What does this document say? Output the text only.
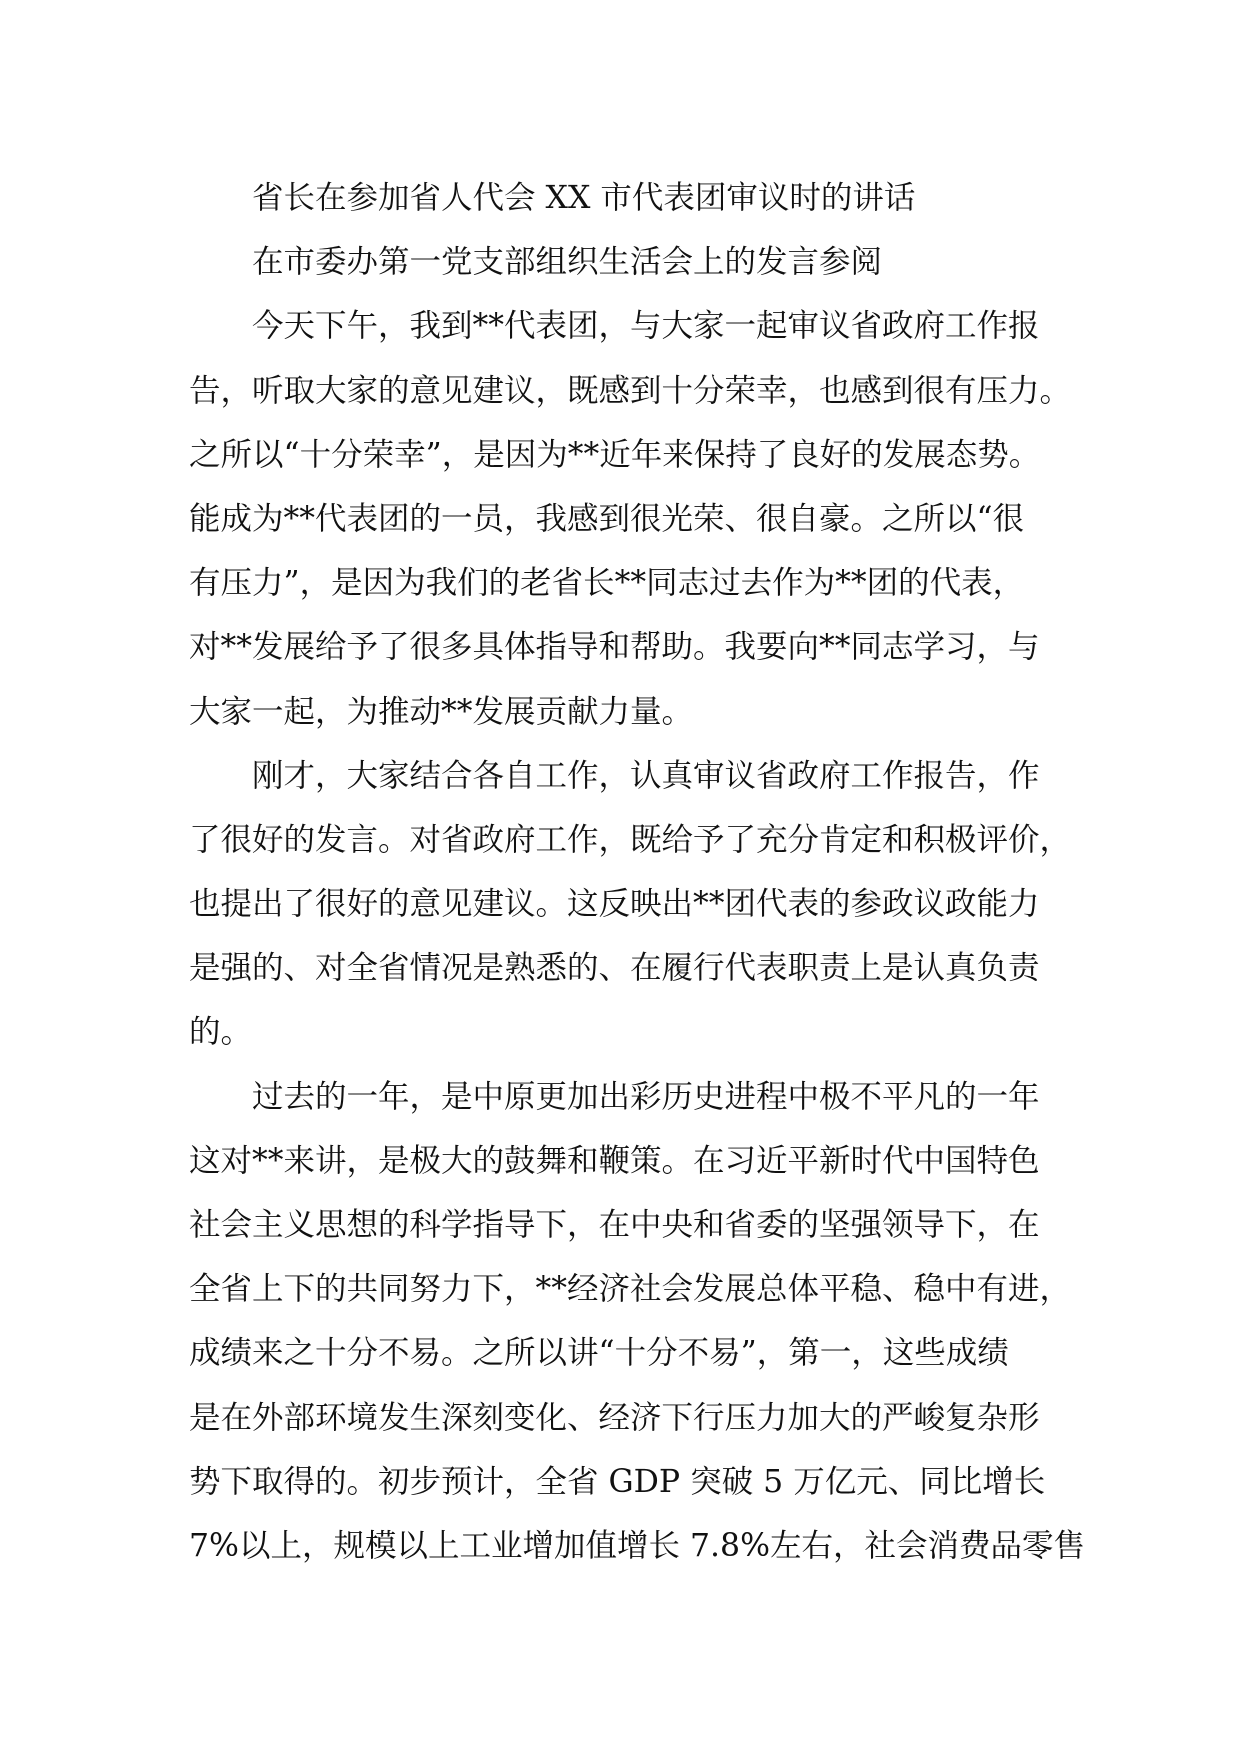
省长在参加省人代会 XX 市代表团审议时的讲话
在市委办第一党支部组织生活会上的发言参阅
今天下午，我到**代表团，与大家一起审议省政府工作报
告，听取大家的意见建议，既感到十分荣幸，也感到很有压力。
之所以“十分荣幸”，是因为**近年来保持了良好的发展态势。
能成为**代表团的一员，我感到很光荣、很自豪。之所以“很
有压力”，是因为我们的老省长**同志过去作为**团的代表，
对**发展给予了很多具体指导和帮助。我要向**同志学习，与
大家一起，为推动**发展贡献力量。
刚才，大家结合各自工作，认真审议省政府工作报告，作
了很好的发言。对省政府工作，既给予了充分肯定和积极评价，
也提出了很好的意见建议。这反映出**团代表的参政议政能力
是强的、对全省情况是熟悉的、在履行代表职责上是认真负责
的。
过去的一年，是中原更加出彩历史进程中极不平凡的一年
这对**来讲，是极大的鼓舞和鞭策。在习近平新时代中国特色
社会主义思想的科学指导下，在中央和省委的坚强领导下，在
全省上下的共同努力下，**经济社会发展总体平稳、稳中有进，
成绩来之十分不易。之所以讲“十分不易”，第一，这些成绩
是在外部环境发生深刻变化、经济下行压力加大的严峻复杂形
势下取得的。初步预计，全省 GDP 突破 5 万亿元、同比增长
7%以上，规模以上工业增加值增长 7.8%左右，社会消费品零售
